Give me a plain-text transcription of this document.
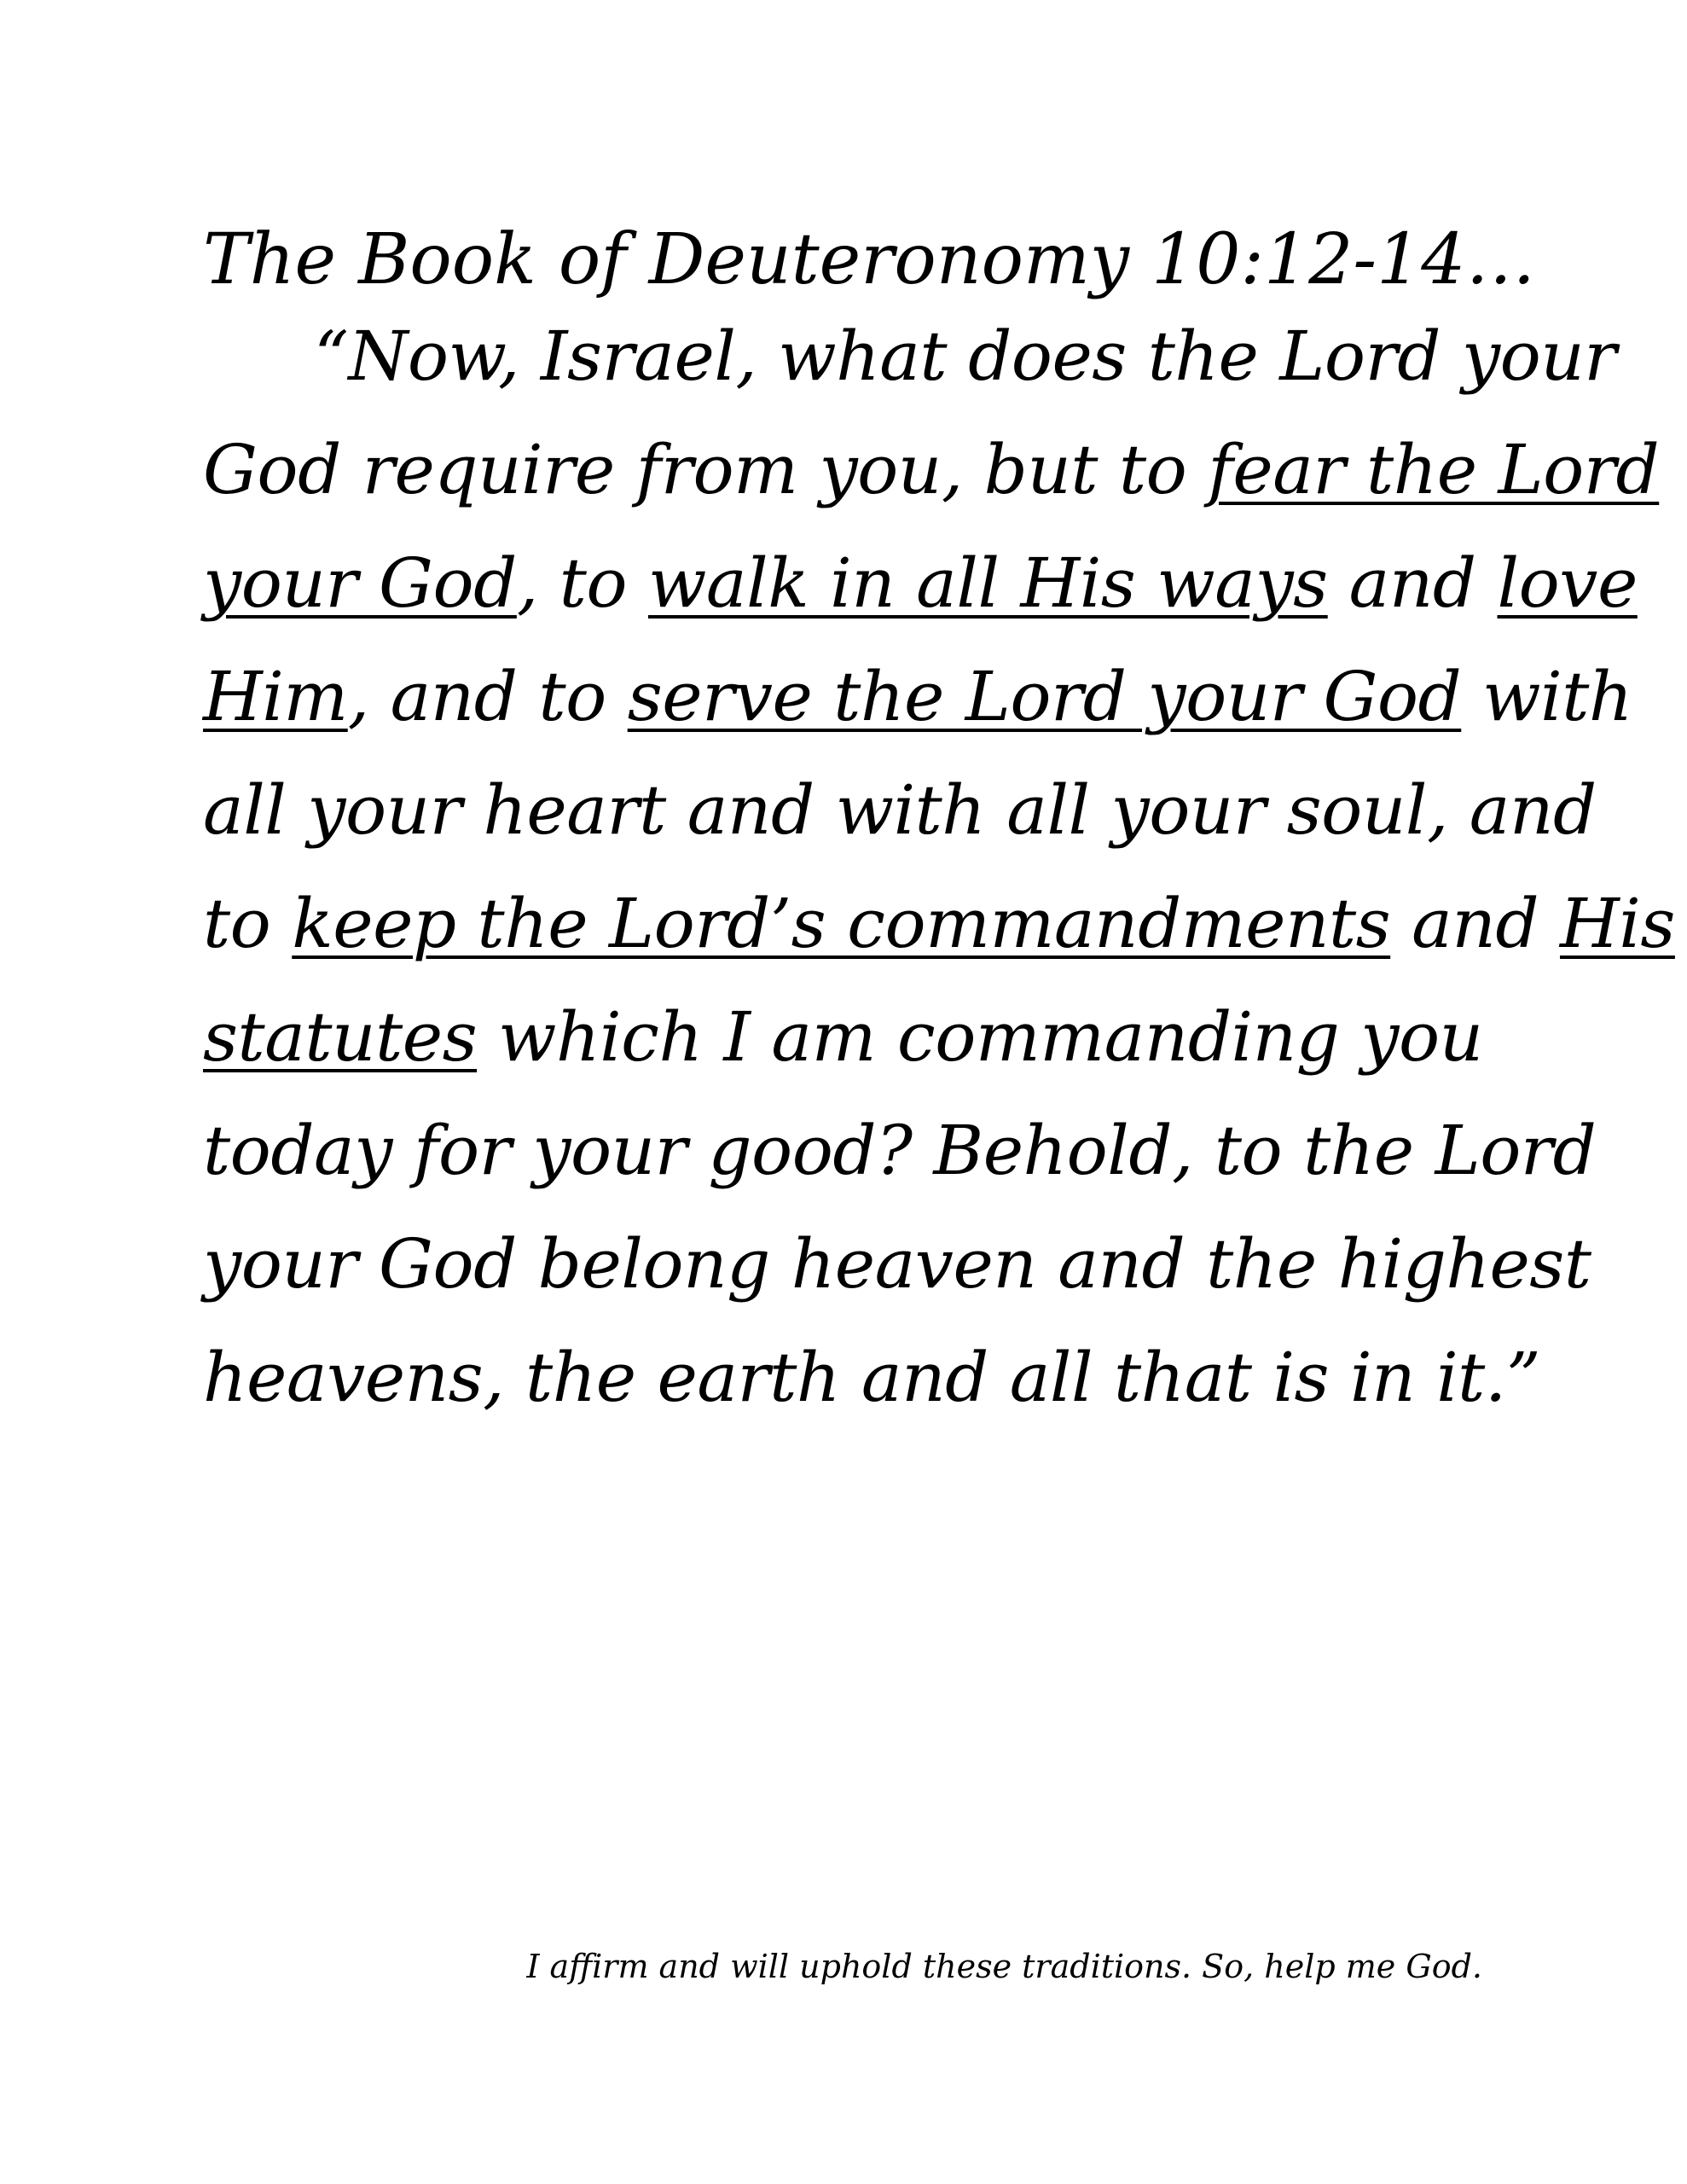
The Book of Deuteronomy 10:12-14…
“Now, Israel, what does the Lord your
God require from you, but to fear the Lord
your God, to walk in all His ways and love
Him, and to serve the Lord your God with
all your heart and with all your soul, and
to keep the Lord’s commandments and His
statutes which I am commanding you
today for your good? Behold, to the Lord
your God belong heaven and the highest
heavens, the earth and all that is in it.”
I affirm and will uphold these traditions. So, help me God.
